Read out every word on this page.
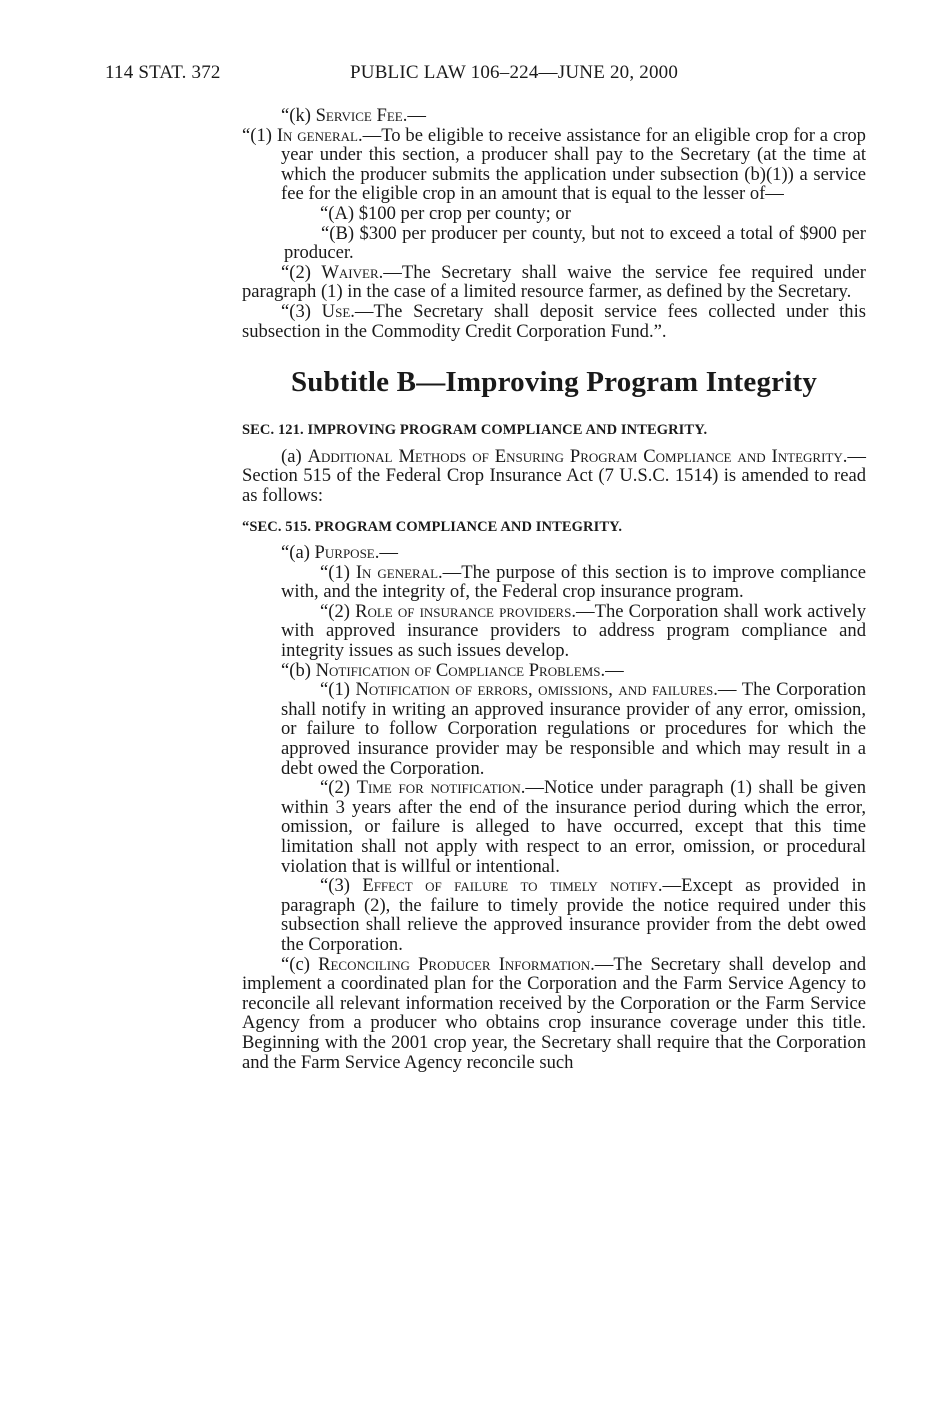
114 STAT. 372	PUBLIC LAW 106–224—JUNE 20, 2000

“(k) Service Fee.—

“(1) In general.—To be eligible to receive assistance for an eligible crop for a crop year under this section, a producer shall pay to the Secretary (at the time at which the producer submits the application under subsection (b)(1)) a service fee for the eligible crop in an amount that is equal to the lesser of—

“(A) $100 per crop per county; or

“(B) $300 per producer per county, but not to exceed a total of $900 per producer.

“(2) Waiver.—The Secretary shall waive the service fee required under paragraph (1) in the case of a limited resource farmer, as defined by the Secretary.

“(3) Use.—The Secretary shall deposit service fees collected under this subsection in the Commodity Credit Corporation Fund.”.

Subtitle B—Improving Program Integrity

SEC. 121. IMPROVING PROGRAM COMPLIANCE AND INTEGRITY.

(a) Additional Methods of Ensuring Program Compliance and Integrity.—Section 515 of the Federal Crop Insurance Act (7 U.S.C. 1514) is amended to read as follows:

“SEC. 515. PROGRAM COMPLIANCE AND INTEGRITY.

“(a) Purpose.—

“(1) In general.—The purpose of this section is to improve compliance with, and the integrity of, the Federal crop insurance program.

“(2) Role of insurance providers.—The Corporation shall work actively with approved insurance providers to address program compliance and integrity issues as such issues develop.

“(b) Notification of Compliance Problems.—

“(1) Notification of errors, omissions, and failures.— The Corporation shall notify in writing an approved insurance provider of any error, omission, or failure to follow Corporation regulations or procedures for which the approved insurance provider may be responsible and which may result in a debt owed the Corporation.

“(2) Time for notification.—Notice under paragraph (1) shall be given within 3 years after the end of the insurance period during which the error, omission, or failure is alleged to have occurred, except that this time limitation shall not apply with respect to an error, omission, or procedural violation that is willful or intentional.

“(3) Effect of failure to timely notify.—Except as provided in paragraph (2), the failure to timely provide the notice required under this subsection shall relieve the approved insurance provider from the debt owed the Corporation.

“(c) Reconciling Producer Information.—The Secretary shall develop and implement a coordinated plan for the Corporation and the Farm Service Agency to reconcile all relevant information received by the Corporation or the Farm Service Agency from a producer who obtains crop insurance coverage under this title. Beginning with the 2001 crop year, the Secretary shall require that the Corporation and the Farm Service Agency reconcile such
